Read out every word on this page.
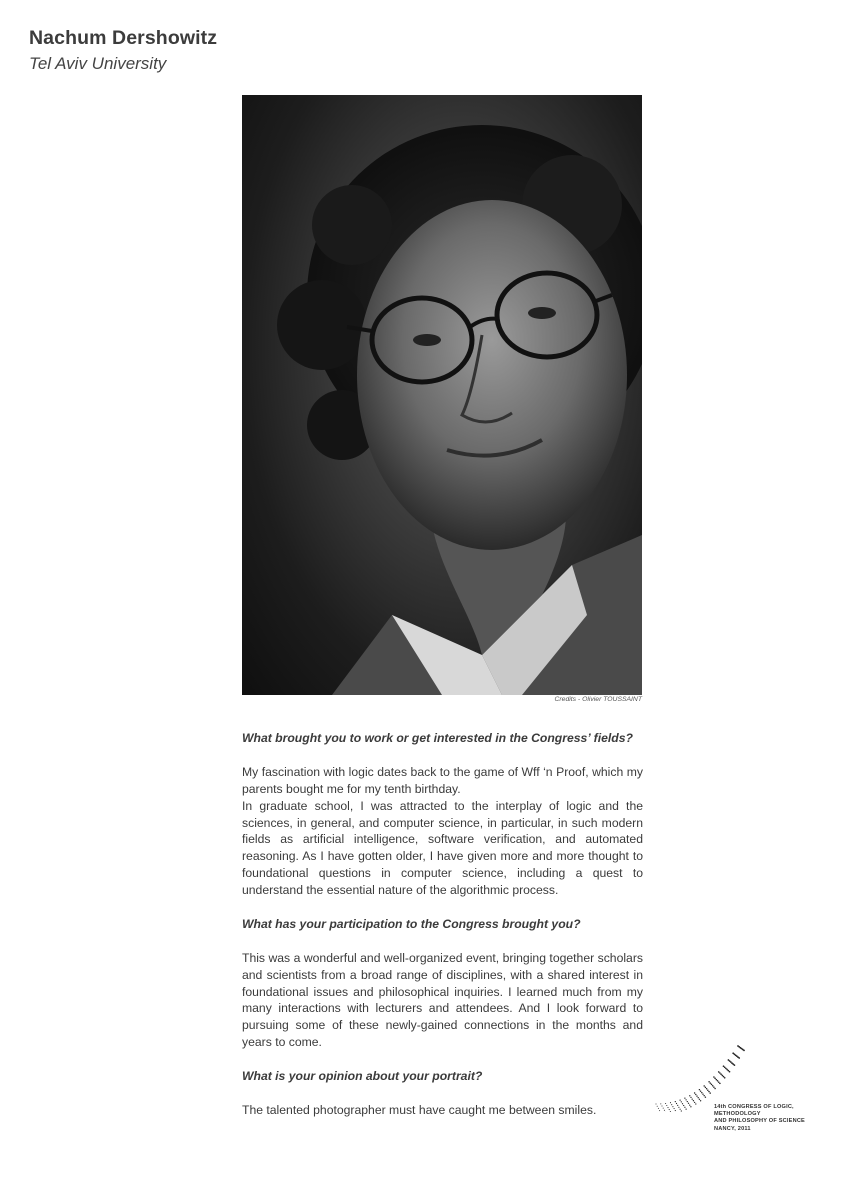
Nachum Dershowitz

Tel Aviv University

Credits - Olivier TOUSSAINT

What brought you to work or get interested in the Congress’ fields?

My fascination with logic dates back to the game of Wff ‘n Proof, which my parents bought me for my tenth birthday.

In graduate school, I was attracted to the interplay of logic and the sciences, in general, and computer science, in particular, in such modern fields as artificial intelligence, software verification, and automated reasoning. As I have gotten older, I have given more and more thought to foundational questions in computer science, including a quest to understand the essential nature of the algorithmic process.

What has your participation to the Congress brought you?

This was a wonderful and well-organized event, bringing together scholars and scientists from a broad range of disciplines, with a shared interest in foundational issues and philosophical inquiries. I learned much from my many interactions with lecturers and attendees. And I look forward to pursuing some of these newly-gained connections in the months and years to come.

What is your opinion about your portrait?

The talented photographer must have caught me between smiles.	14th CONGRESS OF LOGIC,
METHODOLOGY
AND PHILOSOPHY OF SCIENCE
NANCY, 2011
